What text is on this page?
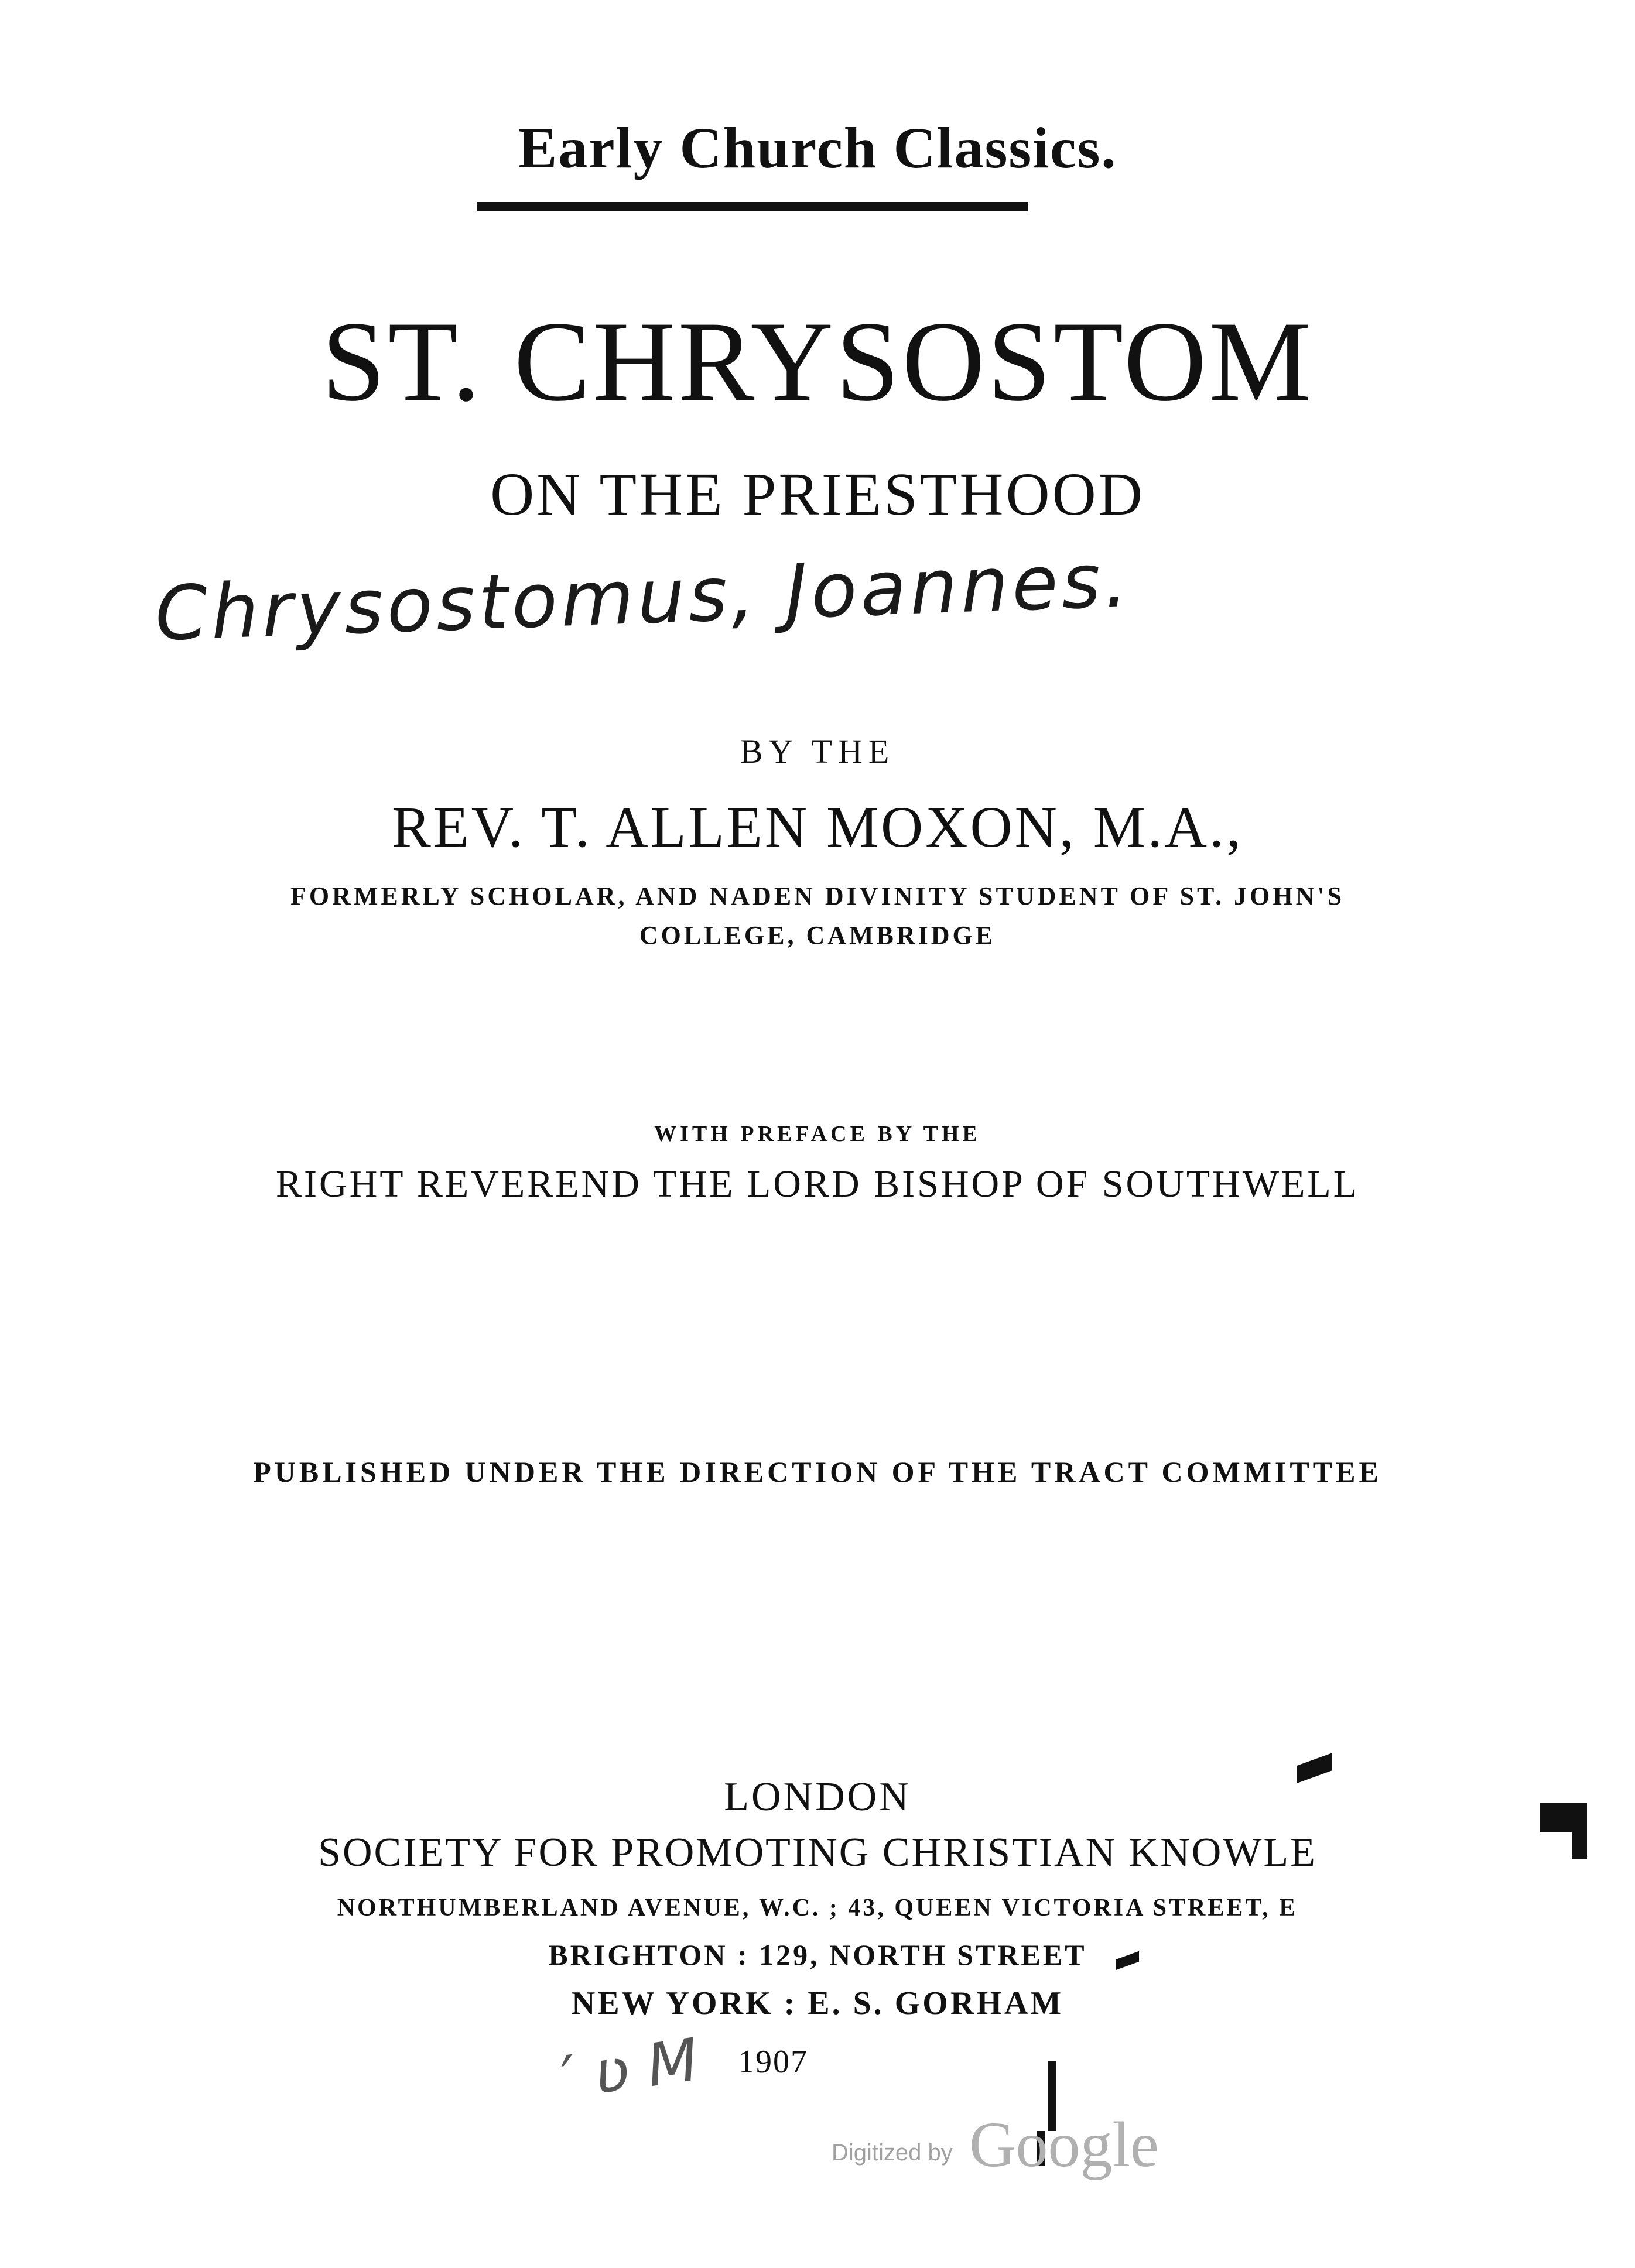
Early Church Classics.

ST. CHRYSOSTOM
ON THE PRIESTHOOD
Chrysostomus, Joannes.

BY THE

REV. T. ALLEN MOXON, M.A.,

FORMERLY SCHOLAR, AND NADEN DIVINITY STUDENT OF ST. JOHN'S

COLLEGE, CAMBRIDGE

WITH PREFACE BY THE

RIGHT REVEREND THE LORD BISHOP OF SOUTHWELL

PUBLISHED UNDER THE DIRECTION OF THE TRACT COMMITTEE

LONDON

SOCIETY FOR PROMOTING CHRISTIAN KNOWLE

NORTHUMBERLAND AVENUE, W.C. ; 43, QUEEN VICTORIA STREET, E

BRIGHTON : 129, NORTH STREET

NEW YORK : E. S. GORHAM

′ ʋ M 1907
Digitized by Google
